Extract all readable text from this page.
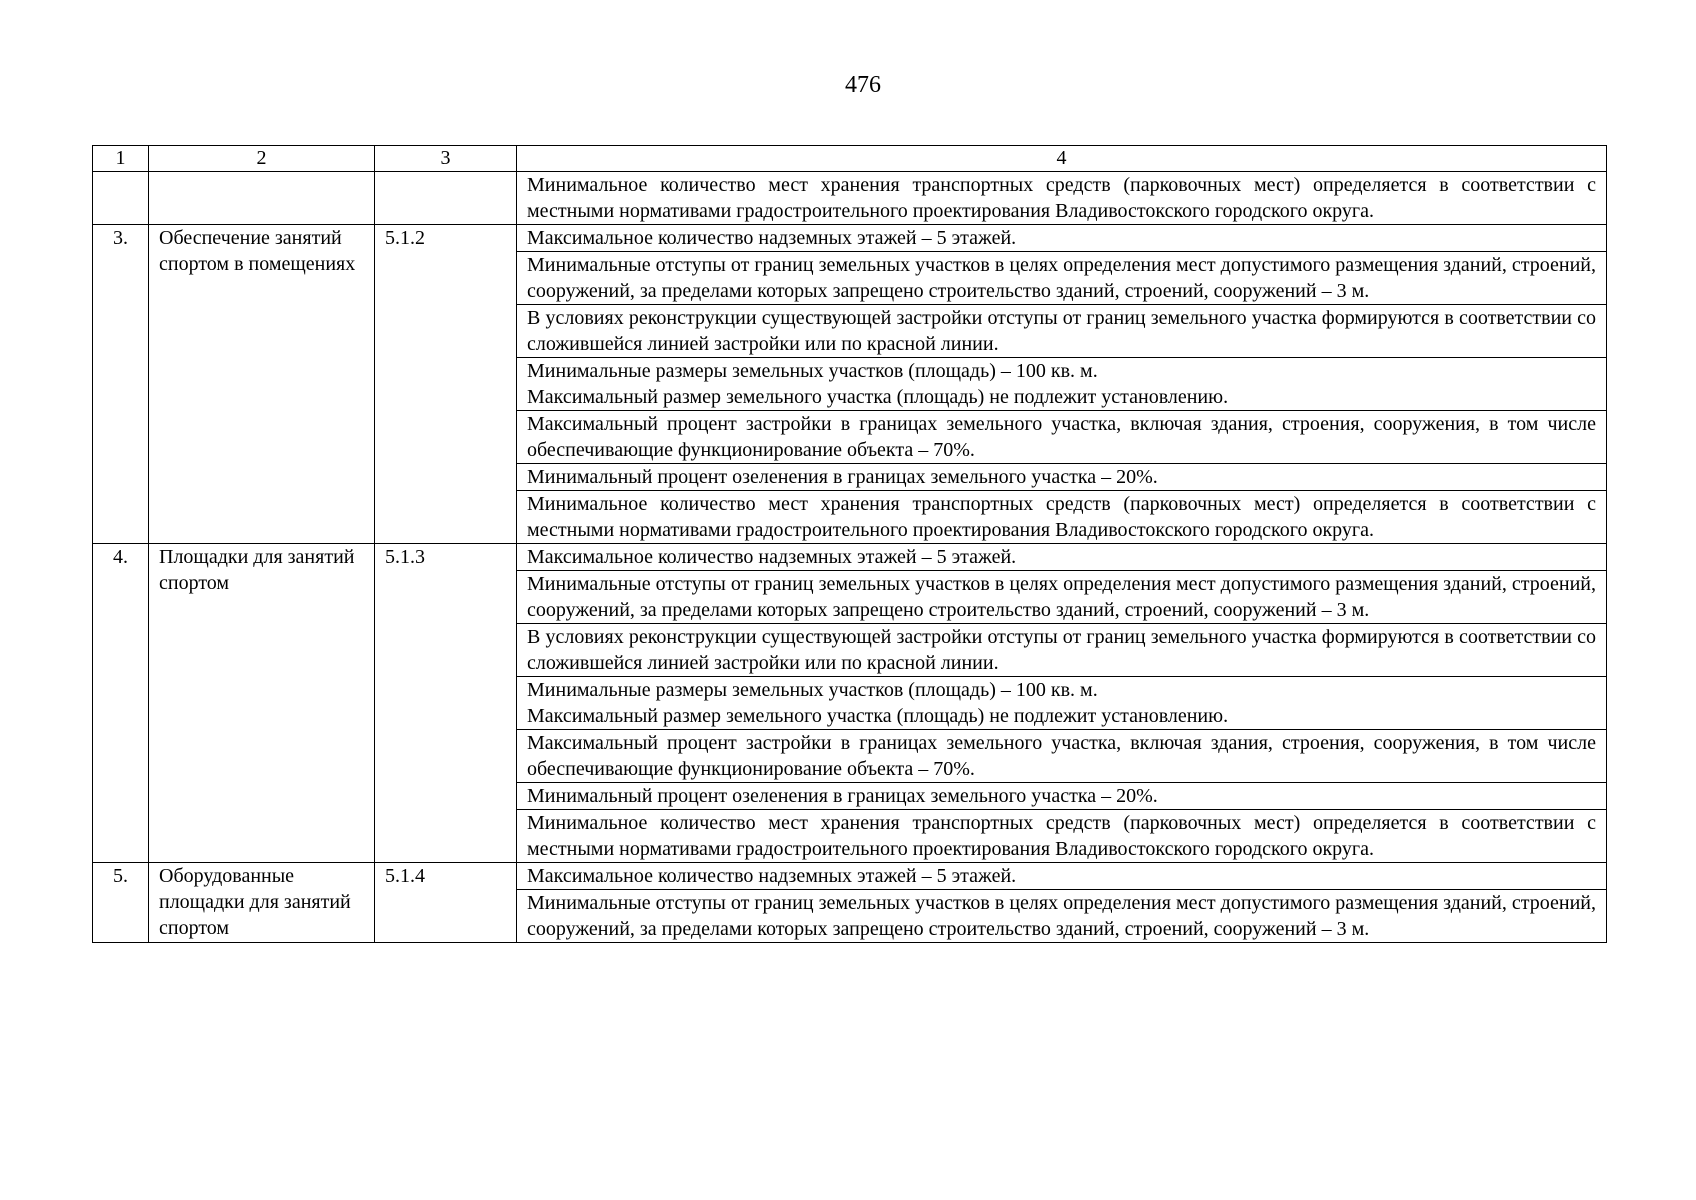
476
1	2	3	4
			Минимальное количество мест хранения транспортных средств (парковочных мест) определяется в соответствии с местными нормативами градостроительного проектирования Владивостокского городского округа.
3.	Обеспечение занятий спортом в помещениях	5.1.2	Максимальное количество надземных этажей – 5 этажей.
			Минимальные отступы от границ земельных участков в целях определения мест допустимого размещения зданий, строений, сооружений, за пределами которых запрещено строительство зданий, строений, сооружений – 3 м.
			В условиях реконструкции существующей застройки отступы от границ земельного участка формируются в соответствии со сложившейся линией застройки или по красной линии.

			Минимальные размеры земельных участков (площадь) – 100 кв. м.
Максимальный размер земельного участка (площадь) не подлежит установлению.

			Максимальный процент застройки в границах земельного участка, включая здания, строения, сооружения, в том числе обеспечивающие функционирование объекта – 70%.
			Минимальный процент озеленения в границах земельного участка – 20%.
			Минимальное количество мест хранения транспортных средств (парковочных мест) определяется в соответствии с местными нормативами градостроительного проектирования Владивостокского городского округа.
4.	Площадки для занятий спортом	5.1.3	Максимальное количество надземных этажей – 5 этажей.
			Минимальные отступы от границ земельных участков в целях определения мест допустимого размещения зданий, строений, сооружений, за пределами которых запрещено строительство зданий, строений, сооружений – 3 м.
			В условиях реконструкции существующей застройки отступы от границ земельного участка формируются в соответствии со сложившейся линией застройки или по красной линии.

			Минимальные размеры земельных участков (площадь) – 100 кв. м.
Максимальный размер земельного участка (площадь) не подлежит установлению.

			Максимальный процент застройки в границах земельного участка, включая здания, строения, сооружения, в том числе обеспечивающие функционирование объекта – 70%.
			Минимальный процент озеленения в границах земельного участка – 20%.
			Минимальное количество мест хранения транспортных средств (парковочных мест) определяется в соответствии с местными нормативами градостроительного проектирования Владивостокского городского округа.
5.	Оборудованные площадки для занятий спортом	5.1.4	Максимальное количество надземных этажей – 5 этажей.
			Минимальные отступы от границ земельных участков в целях определения мест допустимого размещения зданий, строений, сооружений, за пределами которых запрещено строительство зданий, строений, сооружений – 3 м.
